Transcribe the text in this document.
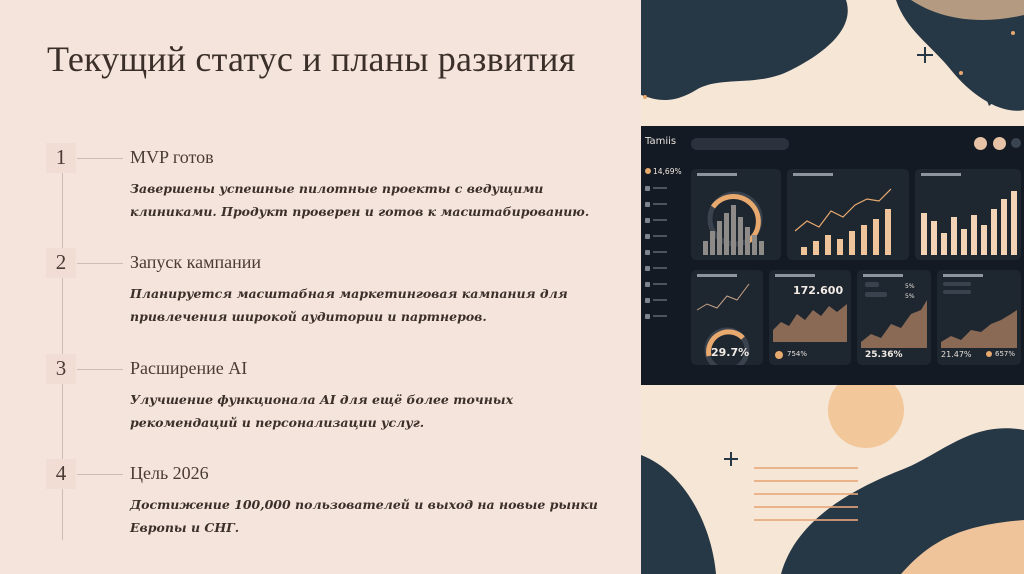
Текущий статус и планы развития
1	MVP готов
Завершены успешные пилотные проекты с ведущими клиниками. Продукт проверен и готов к масштабированию.
2	Запуск кампании
Планируется масштабная маркетинговая кампания для привлечения широкой аудитории и партнеров.
3	Расширение AI
Улучшение функционала AI для ещё более точных рекомендаций и персонализации услуг.
4	Цель 2026
Достижение 100,000 пользователей и выход на новые рынки Европы и СНГ.
Tamiis
14,69%
29.7%
172.600
754%
5%
5%
25.36%	21.47%	657%
